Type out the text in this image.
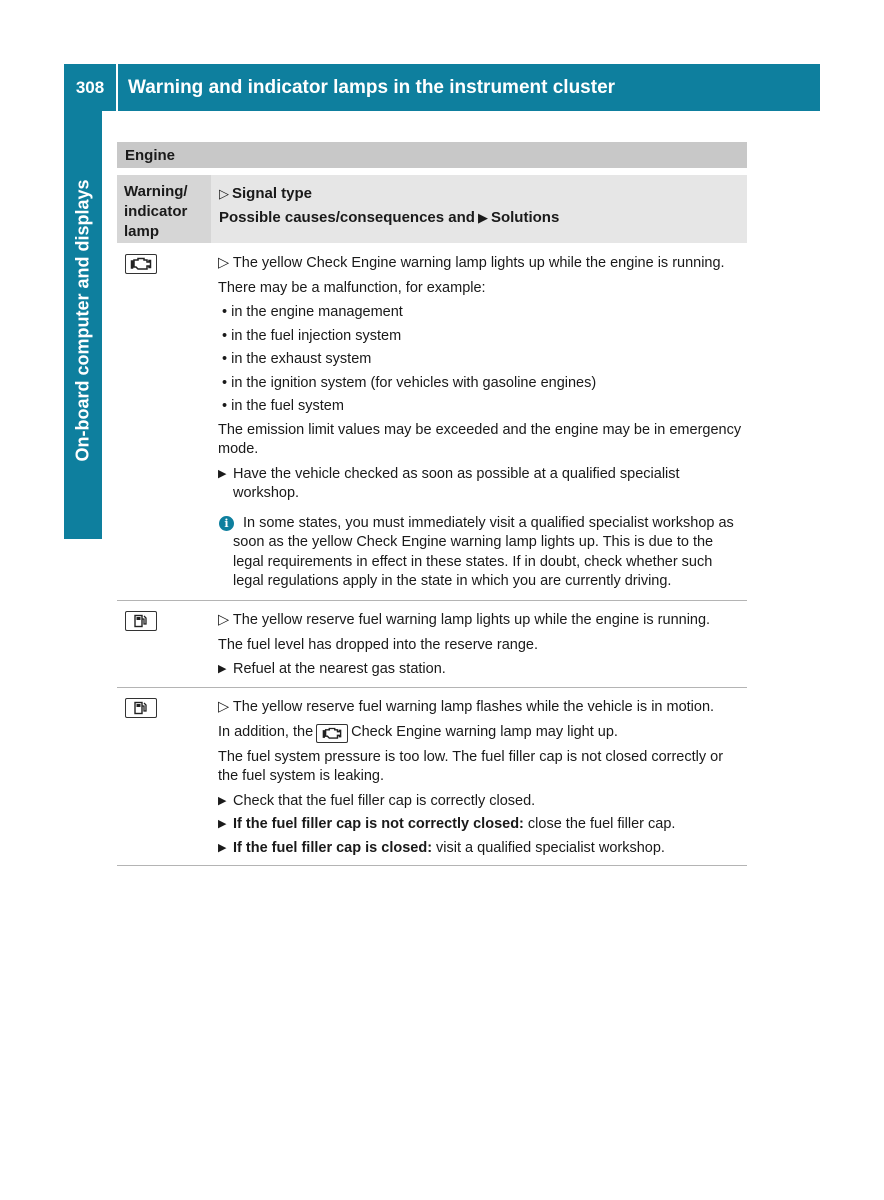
308	Warning and indicator lamps in the instrument cluster
On-board computer and displays
Engine
Warning/
indicator
lamp
▷ Signal type
Possible causes/consequences and ▶ Solutions
▷ The yellow Check Engine warning lamp lights up while the engine is running.
There may be a malfunction, for example:
• in the engine management
• in the fuel injection system
• in the exhaust system
• in the ignition system (for vehicles with gasoline engines)
• in the fuel system
The emission limit values may be exceeded and the engine may be in emergency mode.
▶ Have the vehicle checked as soon as possible at a qualified specialist workshop.
i In some states, you must immediately visit a qualified specialist workshop as soon as the yellow Check Engine warning lamp lights up. This is due to the legal requirements in effect in these states. If in doubt, check whether such legal regulations apply in the state in which you are currently driving.
▷ The yellow reserve fuel warning lamp lights up while the engine is running.
The fuel level has dropped into the reserve range.
▶ Refuel at the nearest gas station.
▷ The yellow reserve fuel warning lamp flashes while the vehicle is in motion.
In addition, the	Check Engine warning lamp may light up.
The fuel system pressure is too low. The fuel filler cap is not closed correctly or the fuel system is leaking.
▶ Check that the fuel filler cap is correctly closed.
▶ If the fuel filler cap is not correctly closed: close the fuel filler cap.
▶ If the fuel filler cap is closed: visit a qualified specialist workshop.
